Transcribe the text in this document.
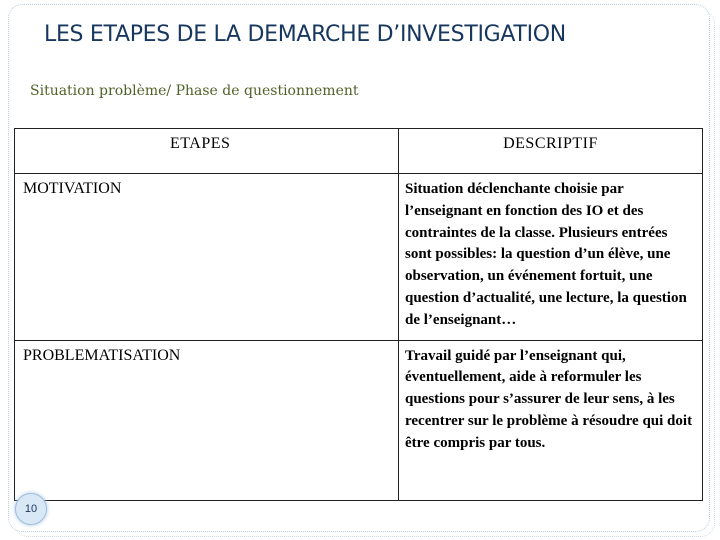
LES ETAPES DE LA DEMARCHE D’INVESTIGATION
Situation problème/ Phase de questionnement
ETAPES	DESCRIPTIF
MOTIVATION	Situation déclenchante choisie par l’enseignant en fonction des IO et des contraintes de la classe. Plusieurs entrées sont possibles: la question d’un élève, une observation, un événement fortuit, une question d’actualité, une lecture, la question de l’enseignant…
PROBLEMATISATION	Travail guidé par l’enseignant qui, éventuellement, aide à reformuler les questions pour s’assurer de leur sens, à les recentrer sur le problème à résoudre qui doit être compris par tous.
10
